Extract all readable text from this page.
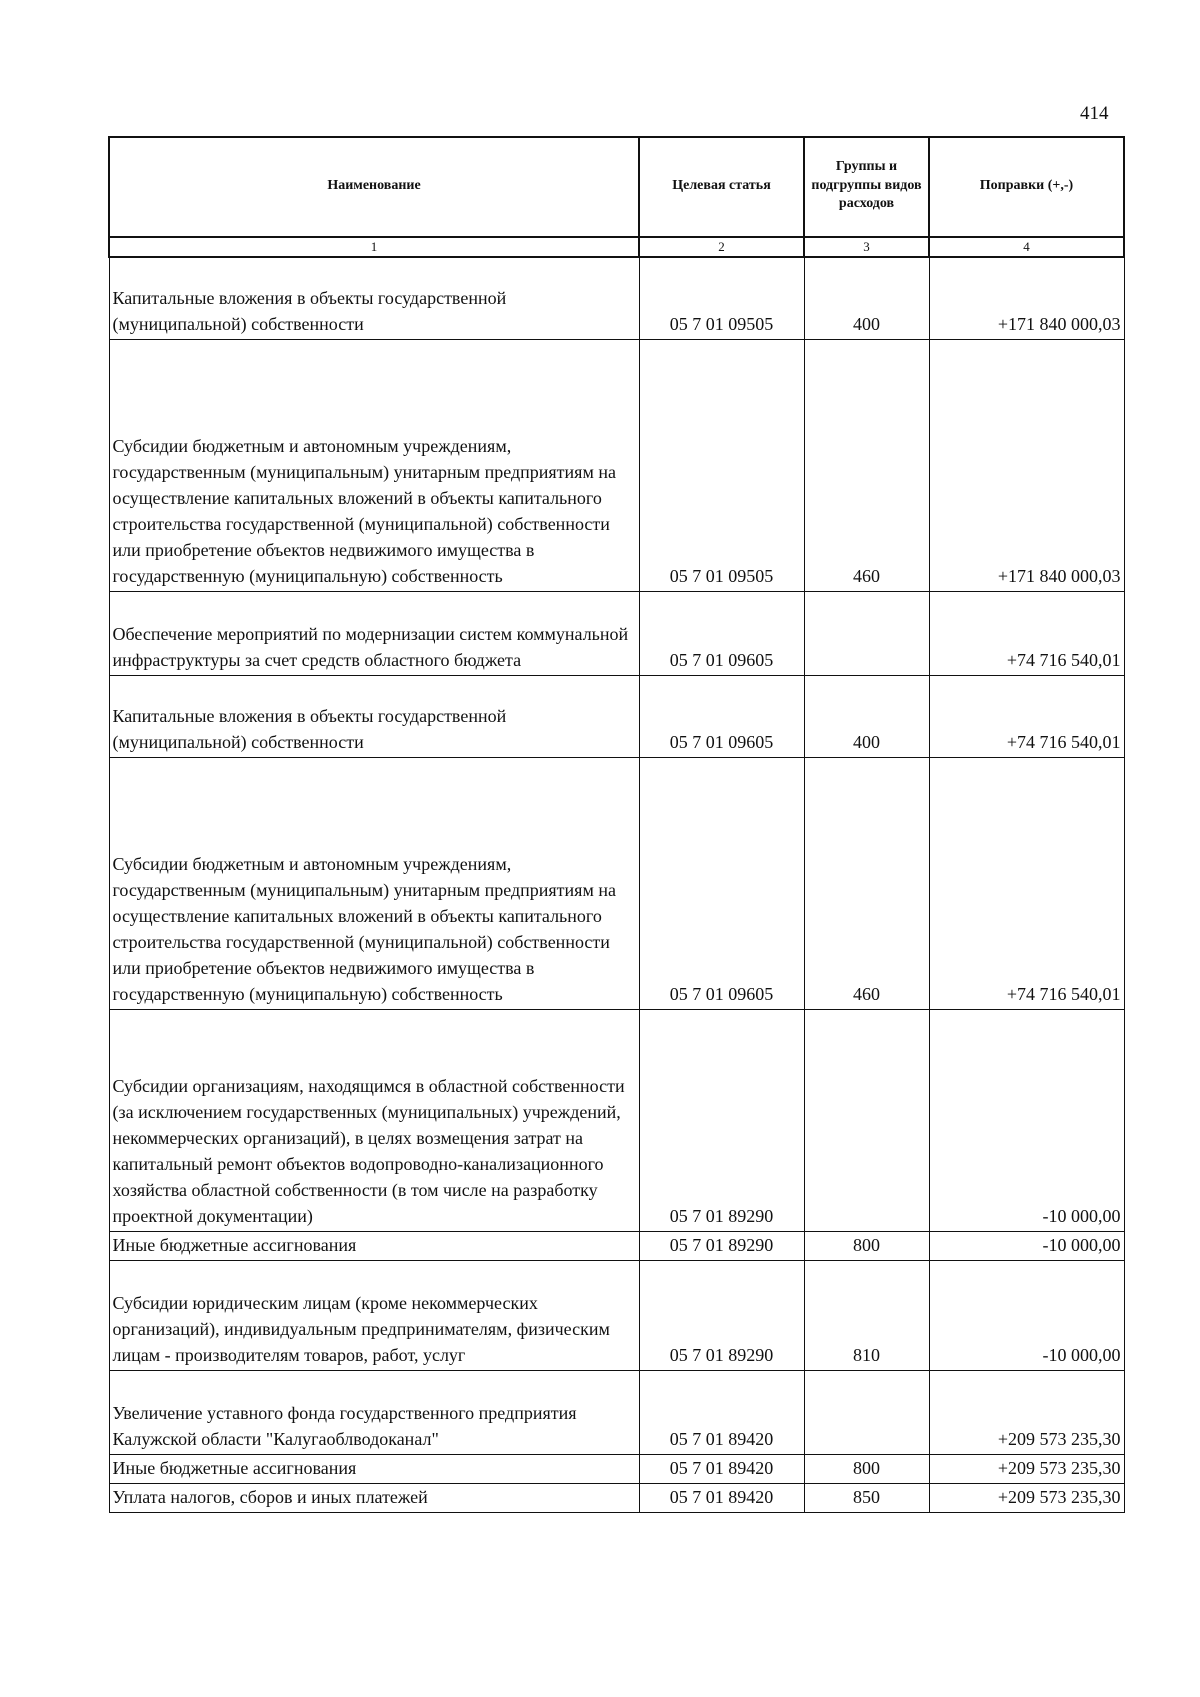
414
Наименование	Целевая статья	Группы и подгруппы видов расходов	Поправки (+,-)
1	2	3	4
Капитальные вложения в объекты государственной (муниципальной) собственности	05 7 01 09505	400	+171 840 000,03
Субсидии бюджетным и автономным учреждениям, государственным (муниципальным) унитарным предприятиям на осуществление капитальных вложений в объекты капитального строительства государственной (муниципальной) собственности или приобретение объектов недвижимого имущества в государственную (муниципальную) собственность	05 7 01 09505	460	+171 840 000,03
Обеспечение мероприятий по модернизации систем коммунальной инфраструктуры за счет средств областного бюджета	05 7 01 09605		+74 716 540,01
Капитальные вложения в объекты государственной (муниципальной) собственности	05 7 01 09605	400	+74 716 540,01
Субсидии бюджетным и автономным учреждениям, государственным (муниципальным) унитарным предприятиям на осуществление капитальных вложений в объекты капитального строительства государственной (муниципальной) собственности или приобретение объектов недвижимого имущества в государственную (муниципальную) собственность	05 7 01 09605	460	+74 716 540,01
Субсидии организациям, находящимся в областной собственности (за исключением государственных (муниципальных) учреждений, некоммерческих организаций), в целях возмещения затрат на капитальный ремонт объектов водопроводно-канализационного хозяйства областной собственности (в том числе на разработку проектной документации)	05 7 01 89290		-10 000,00
Иные бюджетные ассигнования	05 7 01 89290	800	-10 000,00
Субсидии юридическим лицам (кроме некоммерческих организаций), индивидуальным предпринимателям, физическим лицам - производителям товаров, работ, услуг	05 7 01 89290	810	-10 000,00
Увеличение уставного фонда государственного предприятия Калужской области "Калугаоблводоканал"	05 7 01 89420		+209 573 235,30
Иные бюджетные ассигнования	05 7 01 89420	800	+209 573 235,30
Уплата налогов, сборов и иных платежей	05 7 01 89420	850	+209 573 235,30
